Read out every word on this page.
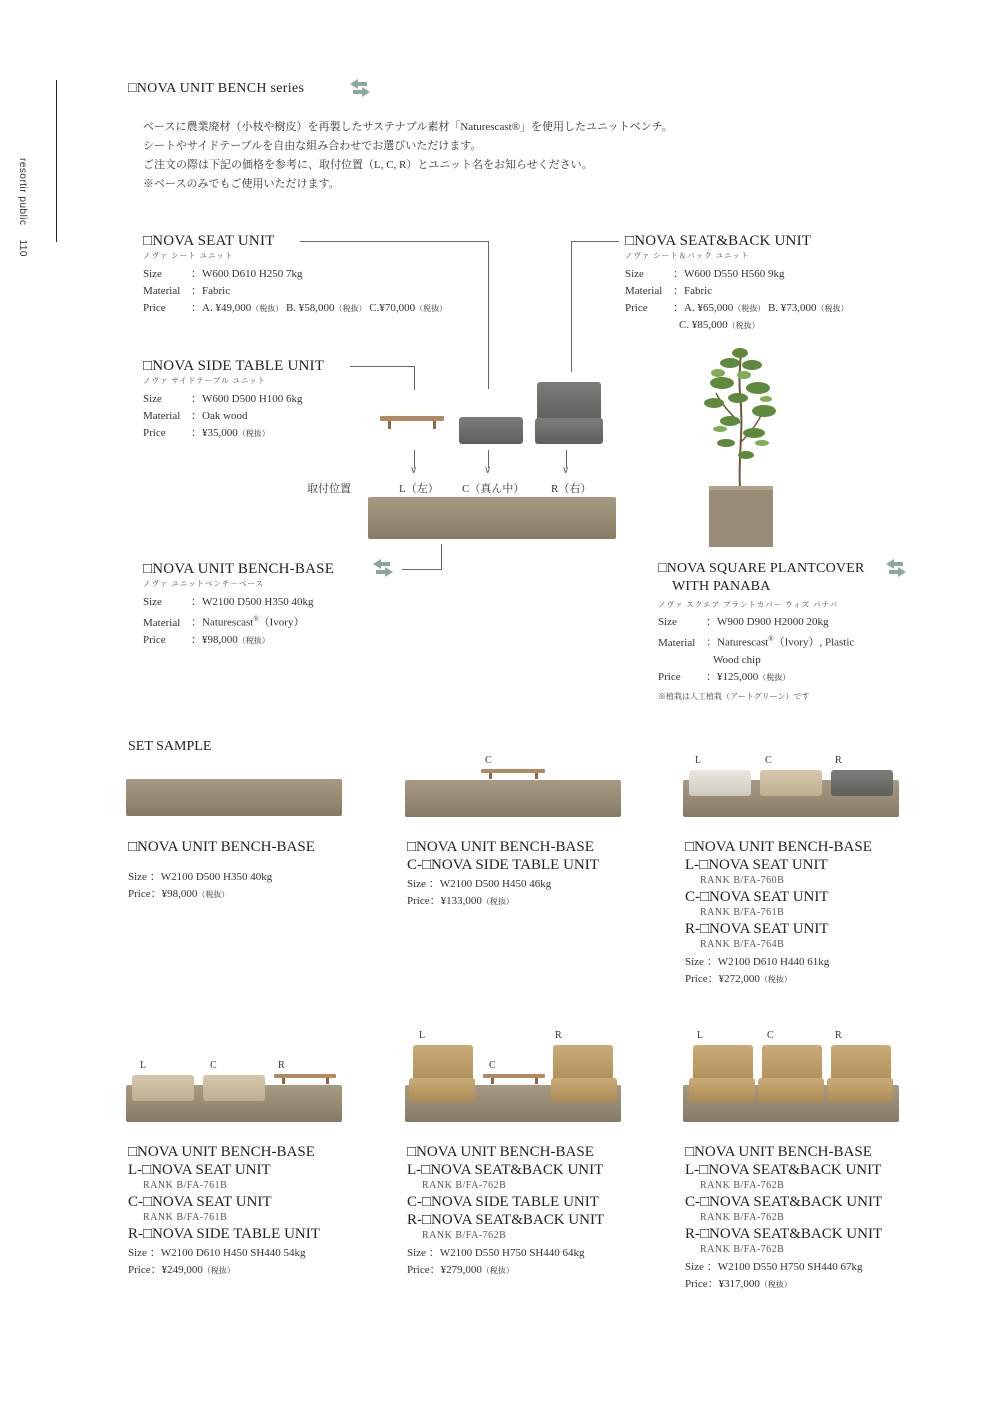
resortir public110
□NOVA UNIT BENCH series
ベースに農業廃材（小枝や樹皮）を再製したサステナブル素材「Naturescast®」を使用したユニットベンチ。
シートやサイドテーブルを自由な組み合わせでお選びいただけます。
ご注文の際は下記の価格を参考に、取付位置（L, C, R）とユニット名をお知らせください。
※ベースのみでもご使用いただけます。
□NOVA SEAT UNIT
ノヴァ シート ユニット
Size	：W600 D610 H250 7kg
Material ：Fabric
Price ：A. ¥49,000（税抜） B. ¥58,000（税抜） C.¥70,000（税抜）
□NOVA SEAT&BACK UNIT
ノヴァ シート＆バック ユニット
Size	：W600 D550 H560 9kg
Material ：Fabric
Price ：A. ¥65,000（税抜） B. ¥73,000（税抜）
C. ¥85,000（税抜）
□NOVA SIDE TABLE UNIT
ノヴァ サイドテーブル ユニット
Size	：W600 D500 H100 6kg
Material ：Oak wood
Price ：¥35,000（税抜）
∨	∨	∨
取付位置	L（左） C（真ん中） R（右）
□NOVA UNIT BENCH-BASE
ノヴァ ユニットベンチ－ベース
Size	：W2100 D500 H350 40kg
Material ：Naturescast®（Ivory）
Price ：¥98,000（税抜）
□NOVA SQUARE PLANTCOVER
WITH PANABA
ノヴァ スクエア プラントカバー ウィズ パナバ
Size	：W900 D900 H2000 20kg
Material ：Naturescast®（Ivory）, Plastic
Wood chip
Price ：¥125,000（税抜）
※植栽は人工植栽（アートグリーン）です
SET SAMPLE
C	L	C	R
□NOVA UNIT BENCH-BASE
Size ：W2100 D500 H350 40kg
Price：¥98,000（税抜）
□NOVA UNIT BENCH-BASE
C-□NOVA SIDE TABLE UNIT
Size ：W2100 D500 H450 46kg
Price：¥133,000（税抜）
□NOVA UNIT BENCH-BASE
L-□NOVA SEAT UNIT
RANK B/FA-760B
C-□NOVA SEAT UNIT
RANK B/FA-761B
R-□NOVA SEAT UNIT
RANK B/FA-764B
Size ：W2100 D610 H440 61kg
Price：¥272,000（税抜）
L	C	R
L
C
R	L	C	R
□NOVA UNIT BENCH-BASE
L-□NOVA SEAT UNIT
RANK B/FA-761B
C-□NOVA SEAT UNIT
RANK B/FA-761B
R-□NOVA SIDE TABLE UNIT
Size ：W2100 D610 H450 SH440 54kg
Price：¥249,000（税抜）
□NOVA UNIT BENCH-BASE
L-□NOVA SEAT&BACK UNIT
RANK B/FA-762B
C-□NOVA SIDE TABLE UNIT
R-□NOVA SEAT&BACK UNIT
RANK B/FA-762B
Size ：W2100 D550 H750 SH440 64kg
Price：¥279,000（税抜）
□NOVA UNIT BENCH-BASE
L-□NOVA SEAT&BACK UNIT
RANK B/FA-762B
C-□NOVA SEAT&BACK UNIT
RANK B/FA-762B
R-□NOVA SEAT&BACK UNIT
RANK B/FA-762B
Size ：W2100 D550 H750 SH440 67kg
Price：¥317,000（税抜）
